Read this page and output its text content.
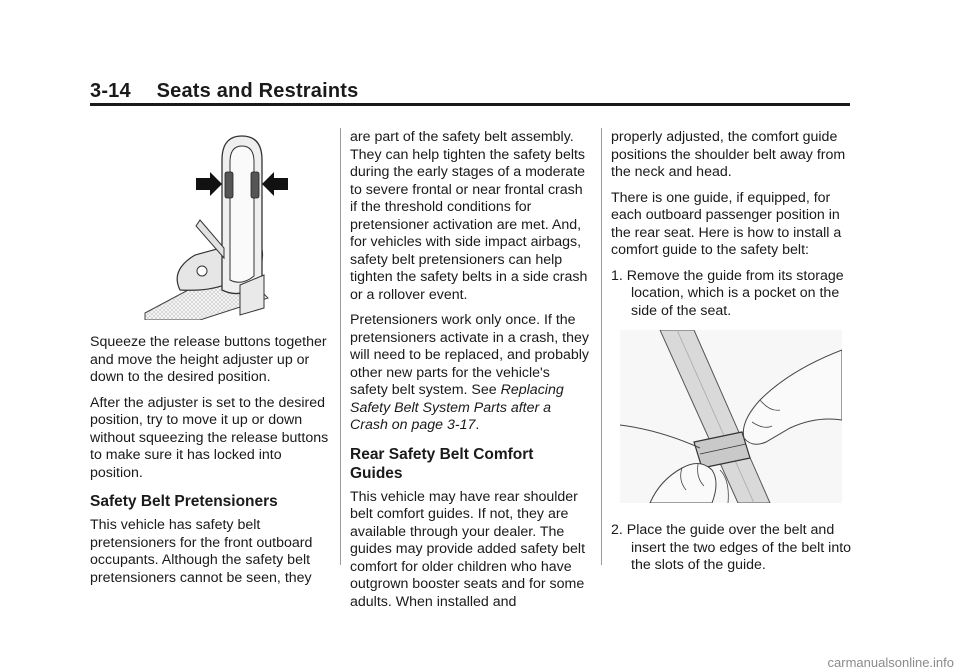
3-14 Seats and Restraints

Squeeze the release buttons together and move the height adjuster up or down to the desired position.

After the adjuster is set to the desired position, try to move it up or down without squeezing the release buttons to make sure it has locked into position.

Safety Belt Pretensioners

This vehicle has safety belt pretensioners for the front outboard occupants. Although the safety belt pretensioners cannot be seen, they

are part of the safety belt assembly. They can help tighten the safety belts during the early stages of a moderate to severe frontal or near frontal crash if the threshold conditions for pretensioner activation are met. And, for vehicles with side impact airbags, safety belt pretensioners can help tighten the safety belts in a side crash or a rollover event.

Pretensioners work only once. If the pretensioners activate in a crash, they will need to be replaced, and probably other new parts for the vehicle's safety belt system. See Replacing Safety Belt System Parts after a Crash on page 3-17.

Rear Safety Belt Comfort Guides

This vehicle may have rear shoulder belt comfort guides. If not, they are available through your dealer. The guides may provide added safety belt comfort for older children who have outgrown booster seats and for some adults. When installed and

properly adjusted, the comfort guide positions the shoulder belt away from the neck and head.

There is one guide, if equipped, for each outboard passenger position in the rear seat. Here is how to install a comfort guide to the safety belt:

1. Remove the guide from its storage location, which is a pocket on the side of the seat.

2. Place the guide over the belt and insert the two edges of the belt into the slots of the guide.

carmanualsonline.info
